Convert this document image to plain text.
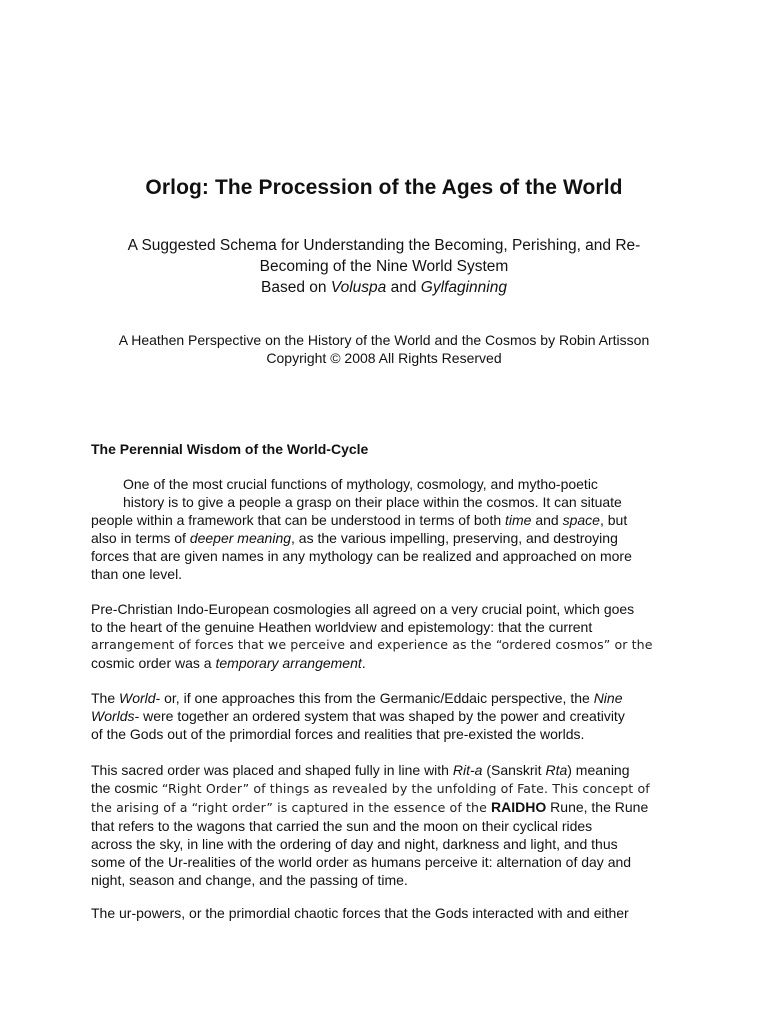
Orlog: The Procession of the Ages of the World
A Suggested Schema for Understanding the Becoming, Perishing, and Re-
Becoming of the Nine World System
Based on Voluspa and Gylfaginning
A Heathen Perspective on the History of the World and the Cosmos by Robin Artisson
Copyright © 2008 All Rights Reserved
The Perennial Wisdom of the World-Cycle
One of the most crucial functions of mythology, cosmology, and mytho-poetic
history is to give a people a grasp on their place within the cosmos. It can situate
people within a framework that can be understood in terms of both time and space, but
also in terms of deeper meaning, as the various impelling, preserving, and destroying
forces that are given names in any mythology can be realized and approached on more
than one level.
Pre-Christian Indo-European cosmologies all agreed on a very crucial point, which goes
to the heart of the genuine Heathen worldview and epistemology: that the current
arrangement of forces that we perceive and experience as the “ordered cosmos” or the
cosmic order was a temporary arrangement.
The World- or, if one approaches this from the Germanic/Eddaic perspective, the Nine
Worlds- were together an ordered system that was shaped by the power and creativity
of the Gods out of the primordial forces and realities that pre-existed the worlds.
This sacred order was placed and shaped fully in line with Rit-a (Sanskrit Rta) meaning
the cosmic “Right Order” of things as revealed by the unfolding of Fate. This concept of
the arising of a “right order” is captured in the essence of the RAIDHO Rune, the Rune
that refers to the wagons that carried the sun and the moon on their cyclical rides
across the sky, in line with the ordering of day and night, darkness and light, and thus
some of the Ur-realities of the world order as humans perceive it: alternation of day and
night, season and change, and the passing of time.
The ur-powers, or the primordial chaotic forces that the Gods interacted with and either
